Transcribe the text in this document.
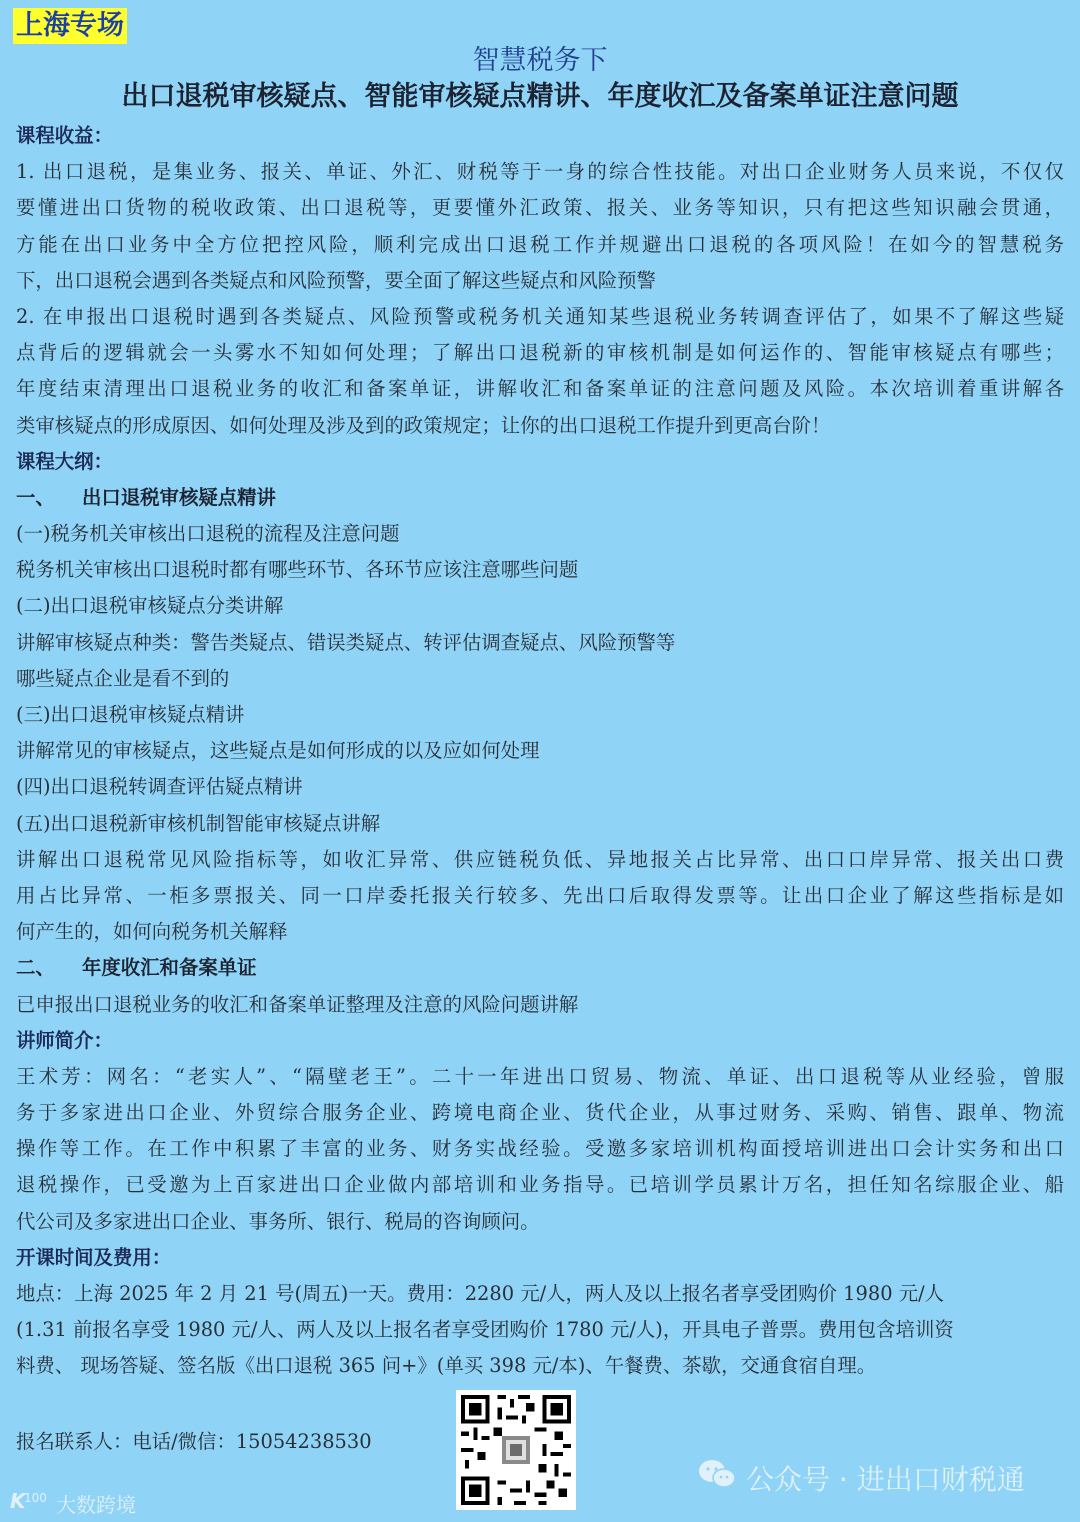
上海专场
智慧税务下
出口退税审核疑点、智能审核疑点精讲、年度收汇及备案单证注意问题
课程收益：
1. 出口退税，是集业务、报关、单证、外汇、财税等于一身的综合性技能。对出口企业财务人员来说，不仅仅
要懂进出口货物的税收政策、出口退税等，更要懂外汇政策、报关、业务等知识，只有把这些知识融会贯通，
方能在出口业务中全方位把控风险，顺利完成出口退税工作并规避出口退税的各项风险！在如今的智慧税务
下，出口退税会遇到各类疑点和风险预警，要全面了解这些疑点和风险预警
2. 在申报出口退税时遇到各类疑点、风险预警或税务机关通知某些退税业务转调查评估了，如果不了解这些疑
点背后的逻辑就会一头雾水不知如何处理；了解出口退税新的审核机制是如何运作的、智能审核疑点有哪些；
年度结束清理出口退税业务的收汇和备案单证，讲解收汇和备案单证的注意问题及风险。本次培训着重讲解各
类审核疑点的形成原因、如何处理及涉及到的政策规定；让你的出口退税工作提升到更高台阶！
课程大纲：
一、 出口退税审核疑点精讲
(一)税务机关审核出口退税的流程及注意问题
税务机关审核出口退税时都有哪些环节、各环节应该注意哪些问题
(二)出口退税审核疑点分类讲解
讲解审核疑点种类：警告类疑点、错误类疑点、转评估调查疑点、风险预警等
哪些疑点企业是看不到的
(三)出口退税审核疑点精讲
讲解常见的审核疑点，这些疑点是如何形成的以及应如何处理
(四)出口退税转调查评估疑点精讲
(五)出口退税新审核机制智能审核疑点讲解
讲解出口退税常见风险指标等，如收汇异常、供应链税负低、异地报关占比异常、出口口岸异常、报关出口费
用占比异常、一柜多票报关、同一口岸委托报关行较多、先出口后取得发票等。让出口企业了解这些指标是如
何产生的，如何向税务机关解释
二、 年度收汇和备案单证
已申报出口退税业务的收汇和备案单证整理及注意的风险问题讲解
讲师简介：
王术芳：网名：“老实人”、“隔壁老王”。二十一年进出口贸易、物流、单证、出口退税等从业经验，曾服
务于多家进出口企业、外贸综合服务企业、跨境电商企业、货代企业，从事过财务、采购、销售、跟单、物流
操作等工作。在工作中积累了丰富的业务、财务实战经验。受邀多家培训机构面授培训进出口会计实务和出口
退税操作，已受邀为上百家进出口企业做内部培训和业务指导。已培训学员累计万名，担任知名综服企业、船
代公司及多家进出口企业、事务所、银行、税局的咨询顾问。
开课时间及费用：
地点：上海 2025 年 2 月 21 号(周五)一天。费用：2280 元/人，两人及以上报名者享受团购价 1980 元/人
(1.31 前报名享受 1980 元/人、两人及以上报名者享受团购价 1780 元/人)，开具电子普票。费用包含培训资
料费、 现场答疑、签名版《出口退税 365 问+》(单买 398 元/本)、午餐费、茶歇，交通食宿自理。
报名联系人：电话/微信：15054238530
公众号 · 进出口财税通
K
100 大数跨境
